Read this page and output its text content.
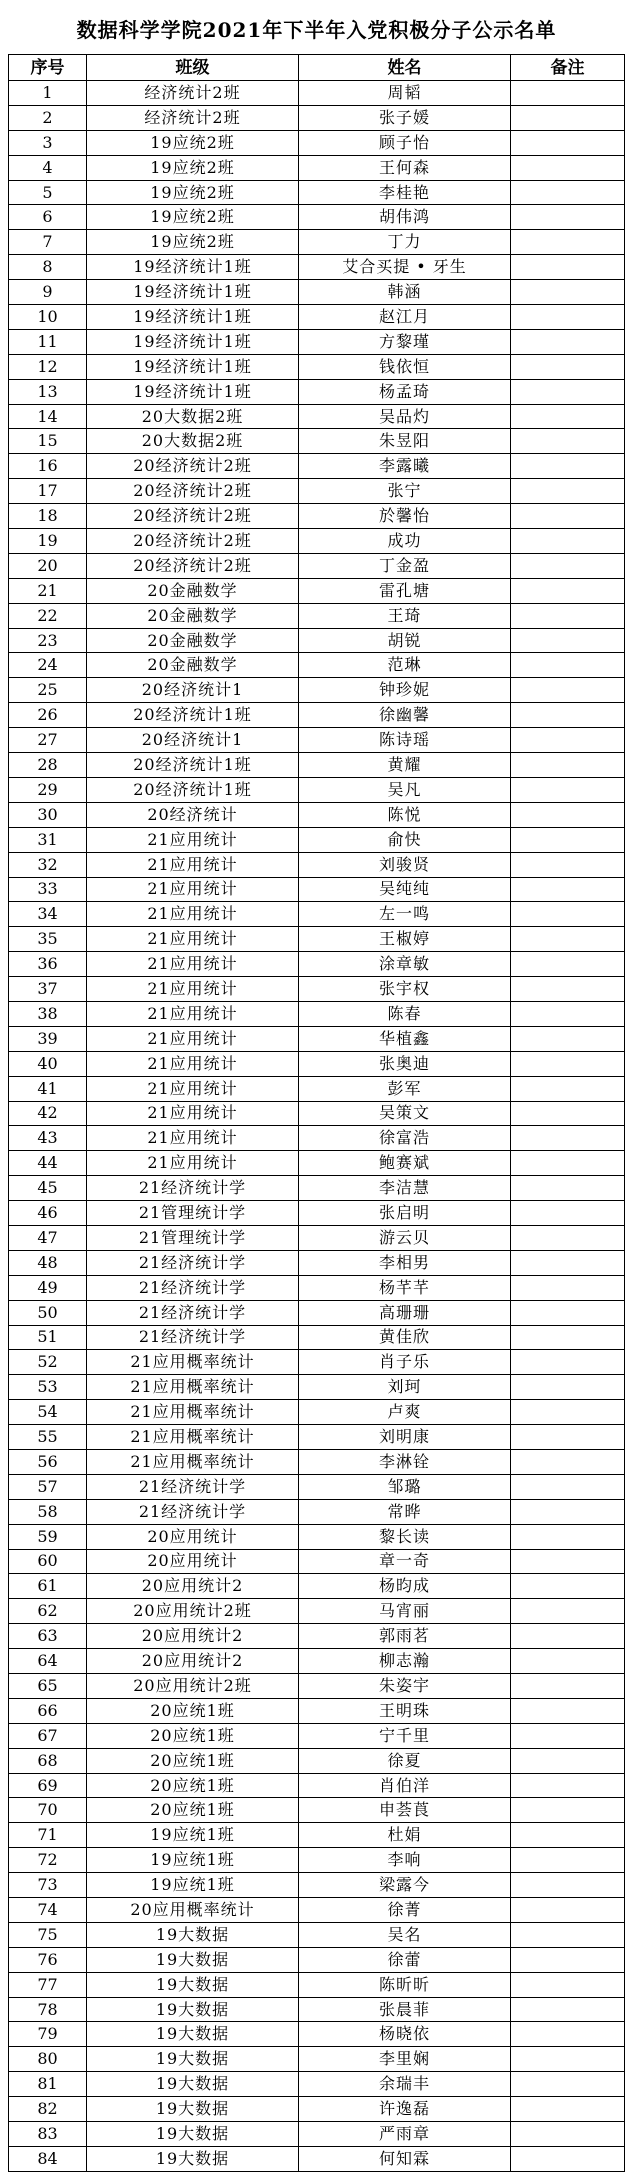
数据科学学院2021年下半年入党积极分子公示名单
序号	班级	姓名	备注
1	经济统计2班	周韬	
2	经济统计2班	张子媛	
3	19应统2班	顾子怡	
4	19应统2班	王何森	
5	19应统2班	李桂艳	
6	19应统2班	胡伟鸿	
7	19应统2班	丁力	
8	19经济统计1班	艾合买提 • 牙生	
9	19经济统计1班	韩涵	
10	19经济统计1班	赵江月	
11	19经济统计1班	方黎瑾	
12	19经济统计1班	钱依恒	
13	19经济统计1班	杨孟琦	
14	20大数据2班	吴品灼	
15	20大数据2班	朱昱阳	
16	20经济统计2班	李露曦	
17	20经济统计2班	张宁	
18	20经济统计2班	於馨怡	
19	20经济统计2班	成功	
20	20经济统计2班	丁金盈	
21	20金融数学	雷孔塘	
22	20金融数学	王琦	
23	20金融数学	胡锐	
24	20金融数学	范琳	
25	20经济统计1	钟珍妮	
26	20经济统计1班	徐幽馨	
27	20经济统计1	陈诗瑶	
28	20经济统计1班	黄耀	
29	20经济统计1班	吴凡	
30	20经济统计	陈悦	
31	21应用统计	俞快	
32	21应用统计	刘骏贤	
33	21应用统计	吴纯纯	
34	21应用统计	左一鸣	
35	21应用统计	王椒婷	
36	21应用统计	涂章敏	
37	21应用统计	张宇权	
38	21应用统计	陈春	
39	21应用统计	华植鑫	
40	21应用统计	张奥迪	
41	21应用统计	彭军	
42	21应用统计	吴策文	
43	21应用统计	徐富浩	
44	21应用统计	鲍赛斌	
45	21经济统计学	李洁慧	
46	21管理统计学	张启明	
47	21管理统计学	游云贝	
48	21经济统计学	李相男	
49	21经济统计学	杨芊芊	
50	21经济统计学	高珊珊	
51	21经济统计学	黄佳欣	
52	21应用概率统计	肖子乐	
53	21应用概率统计	刘珂	
54	21应用概率统计	卢爽	
55	21应用概率统计	刘明康	
56	21应用概率统计	李淋铨	
57	21经济统计学	邹璐	
58	21经济统计学	常晔	
59	20应用统计	黎长读	
60	20应用统计	章一奇	
61	20应用统计2	杨昀成	
62	20应用统计2班	马宵丽	
63	20应用统计2	郭雨茗	
64	20应用统计2	柳志瀚	
65	20应用统计2班	朱姿宇	
66	20应统1班	王明珠	
67	20应统1班	宁千里	
68	20应统1班	徐夏	
69	20应统1班	肖伯洋	
70	20应统1班	申荟莨	
71	19应统1班	杜娟	
72	19应统1班	李响	
73	19应统1班	梁露今	
74	20应用概率统计	徐菁	
75	19大数据	吴名	
76	19大数据	徐蕾	
77	19大数据	陈昕昕	
78	19大数据	张晨菲	
79	19大数据	杨晓依	
80	19大数据	李里娴	
81	19大数据	余瑞丰	
82	19大数据	许逸磊	
83	19大数据	严雨章	
84	19大数据	何知霖	
